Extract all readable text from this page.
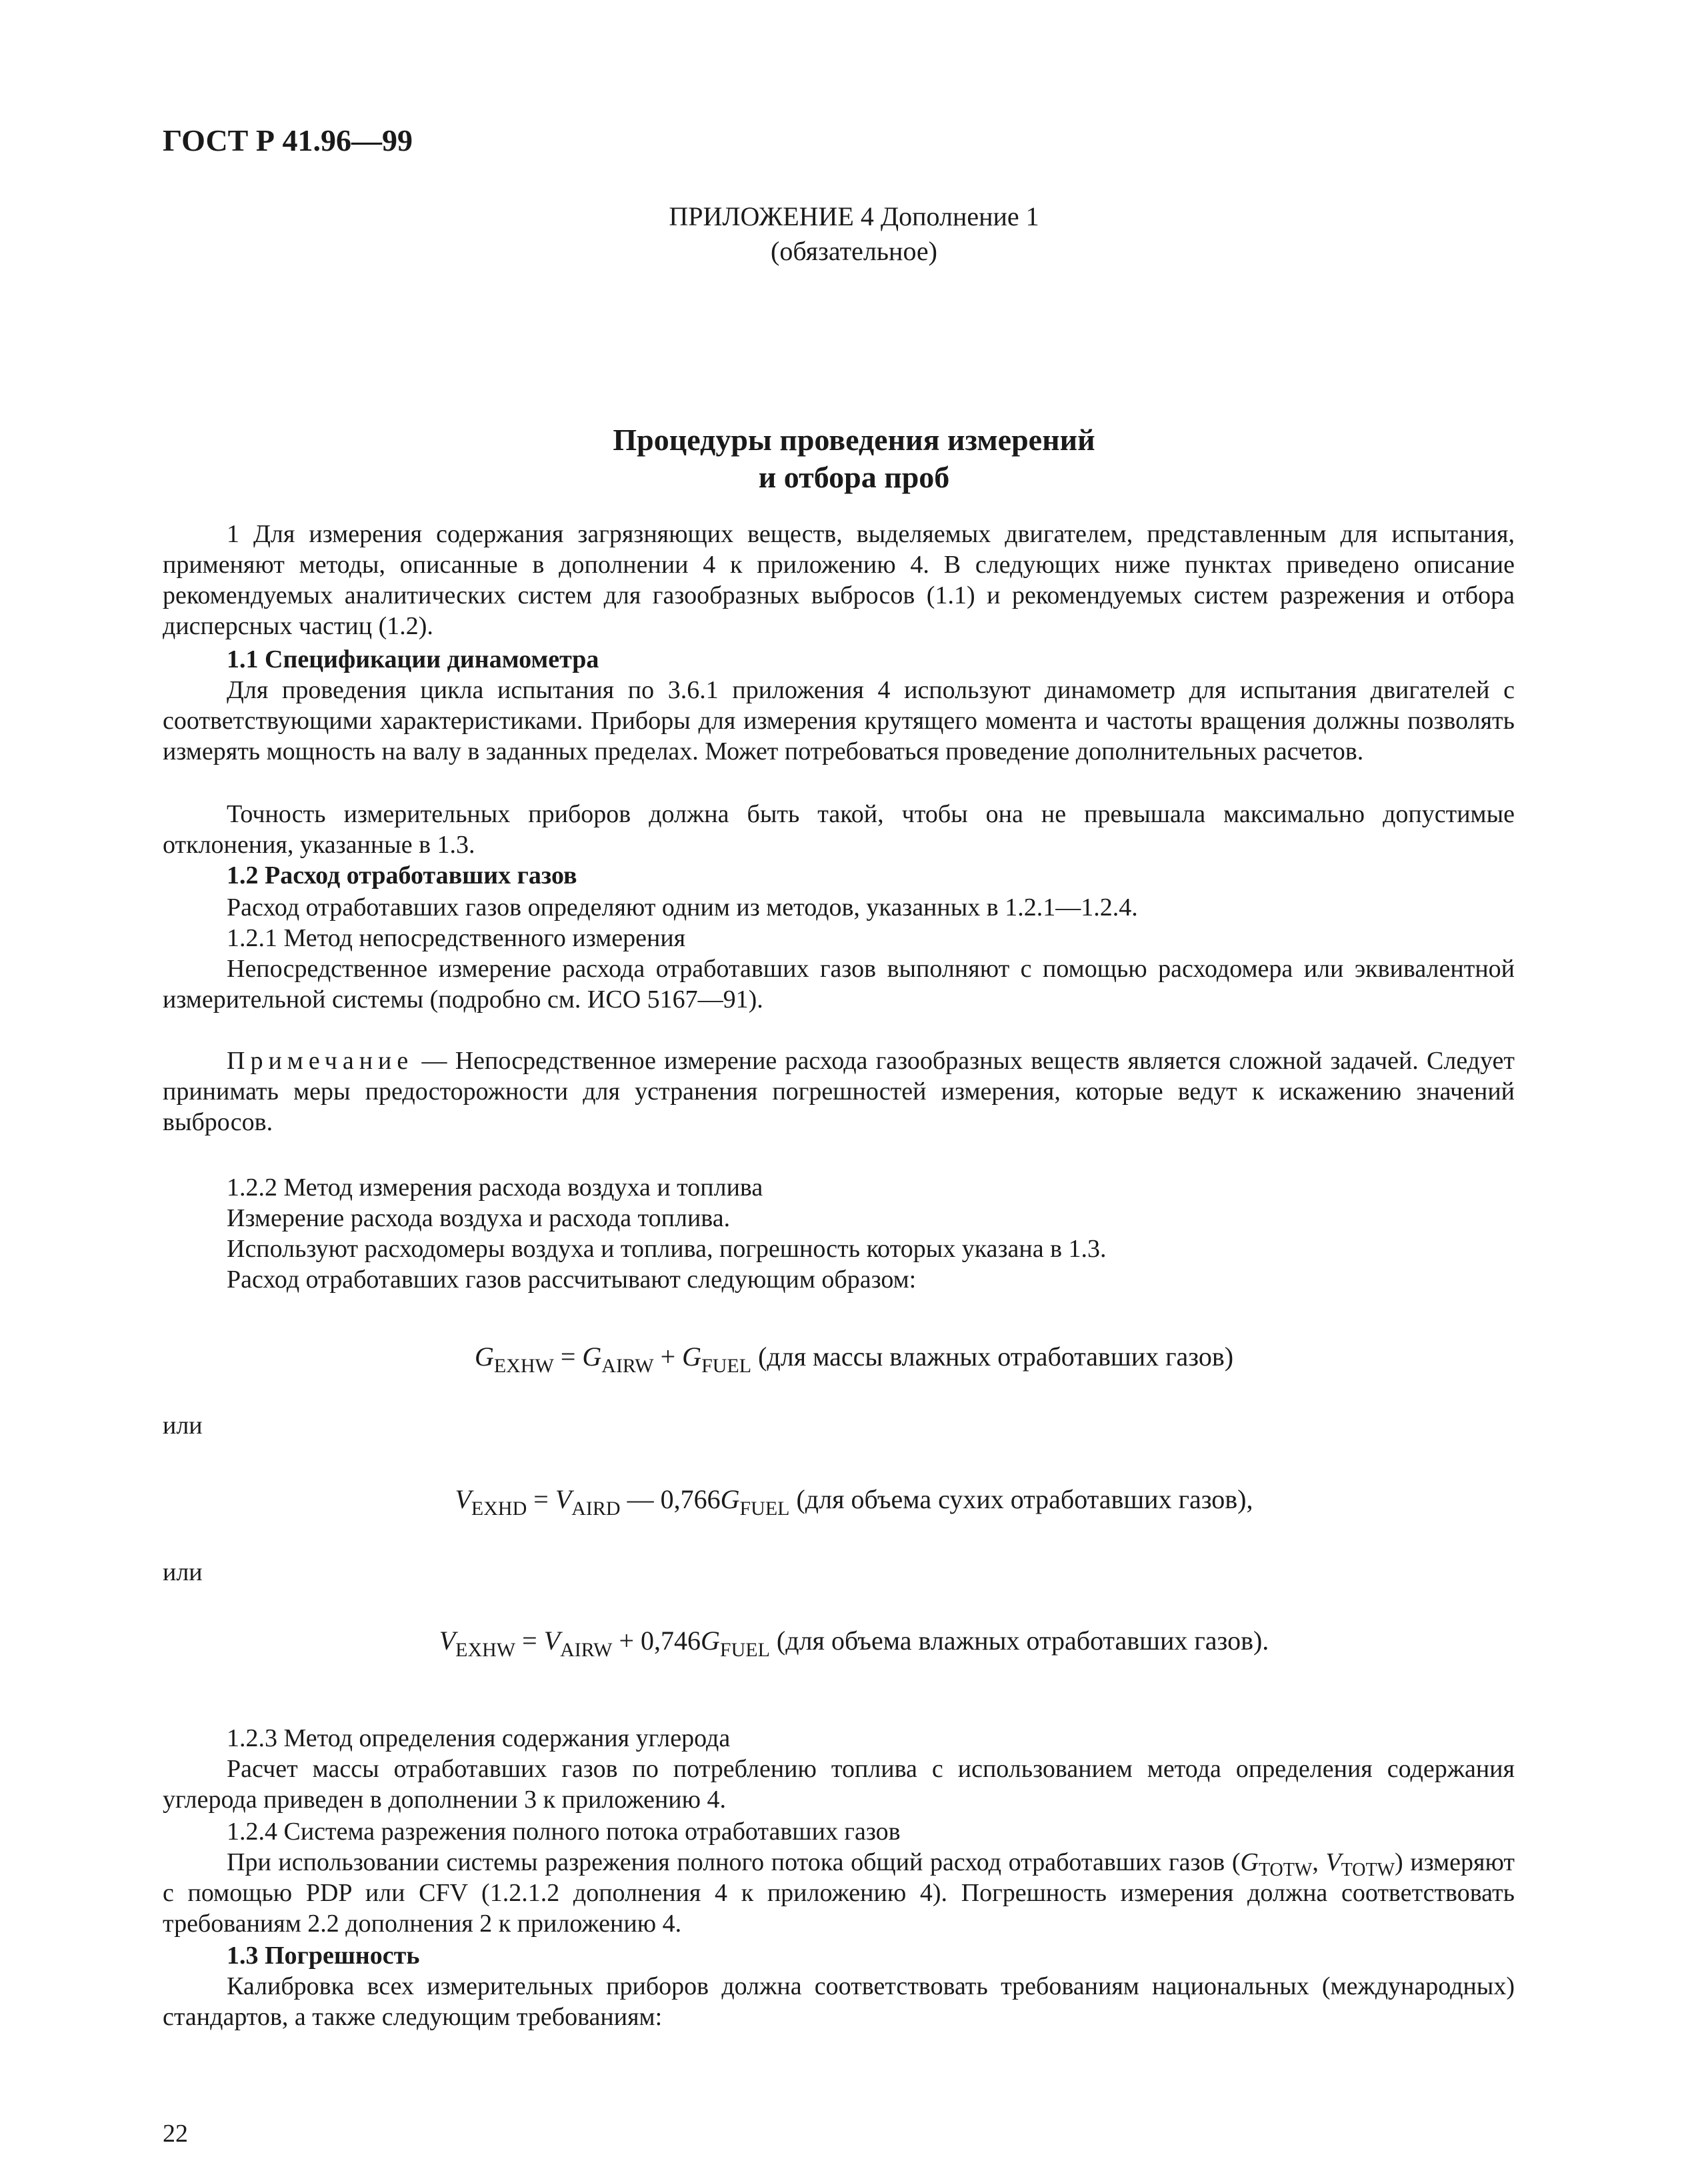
ГОСТ Р 41.96—99
ПРИЛОЖЕНИЕ 4 Дополнение 1
(обязательное)
Процедуры проведения измерений
и отбора проб

1 Для измерения содержания загрязняющих веществ, выделяемых двигателем, представленным для испытания, применяют методы, описанные в дополнении 4 к приложению 4. В следующих ниже пунктах приведено описание рекомендуемых аналитических систем для газообразных выбросов (1.1) и рекомендуемых систем разрежения и отбора дисперсных частиц (1.2).

1.1 Спецификации динамометра

Для проведения цикла испытания по 3.6.1 приложения 4 используют динамометр для испытания двигателей с соответствующими характеристиками. Приборы для измерения крутящего момента и частоты вращения должны позволять измерять мощность на валу в заданных пределах. Может потребоваться проведение дополнительных расчетов.

Точность измерительных приборов должна быть такой, чтобы она не превышала максимально допустимые отклонения, указанные в 1.3.

1.2 Расход отработавших газов

Расход отработавших газов определяют одним из методов, указанных в 1.2.1—1.2.4.

1.2.1 Метод непосредственного измерения

Непосредственное измерение расхода отработавших газов выполняют с помощью расходомера или эквивалентной измерительной системы (подробно см. ИСО 5167—91).

Примечание — Непосредственное измерение расхода газообразных веществ является сложной задачей. Следует принимать меры предосторожности для устранения погрешностей измерения, которые ведут к искажению значений выбросов.

1.2.2 Метод измерения расхода воздуха и топлива

Измерение расхода воздуха и расхода топлива.

Используют расходомеры воздуха и топлива, погрешность которых указана в 1.3.

Расход отработавших газов рассчитывают следующим образом:

$G_{EXHW} = G_{AIRW} + G_{FUEL}$ (для массы влажных отработавших газов)
или
$V_{EXHD} = V_{AIRD}$ — $0,766G_{FUEL}$ (для объема сухих отработавших газов),
или
$V_{EXHW} = V_{AIRW} + 0,746G_{FUEL}$ (для объема влажных отработавших газов).
1.2.3 Метод определения содержания углерода

Расчет массы отработавших газов по потреблению топлива с использованием метода определения содержания углерода приведен в дополнении 3 к приложению 4.

1.2.4 Система разрежения полного потока отработавших газов

При использовании системы разрежения полного потока общий расход отработавших газов ($G_{TOTW}$, $V_{TOTW}$) измеряют с помощью PDP или CFV (1.2.1.2 дополнения 4 к приложению 4). Погрешность измерения должна соответствовать требованиям 2.2 дополнения 2 к приложению 4.

1.3 Погрешность

Калибровка всех измерительных приборов должна соответствовать требованиям национальных (международных) стандартов, а также следующим требованиям:

22
